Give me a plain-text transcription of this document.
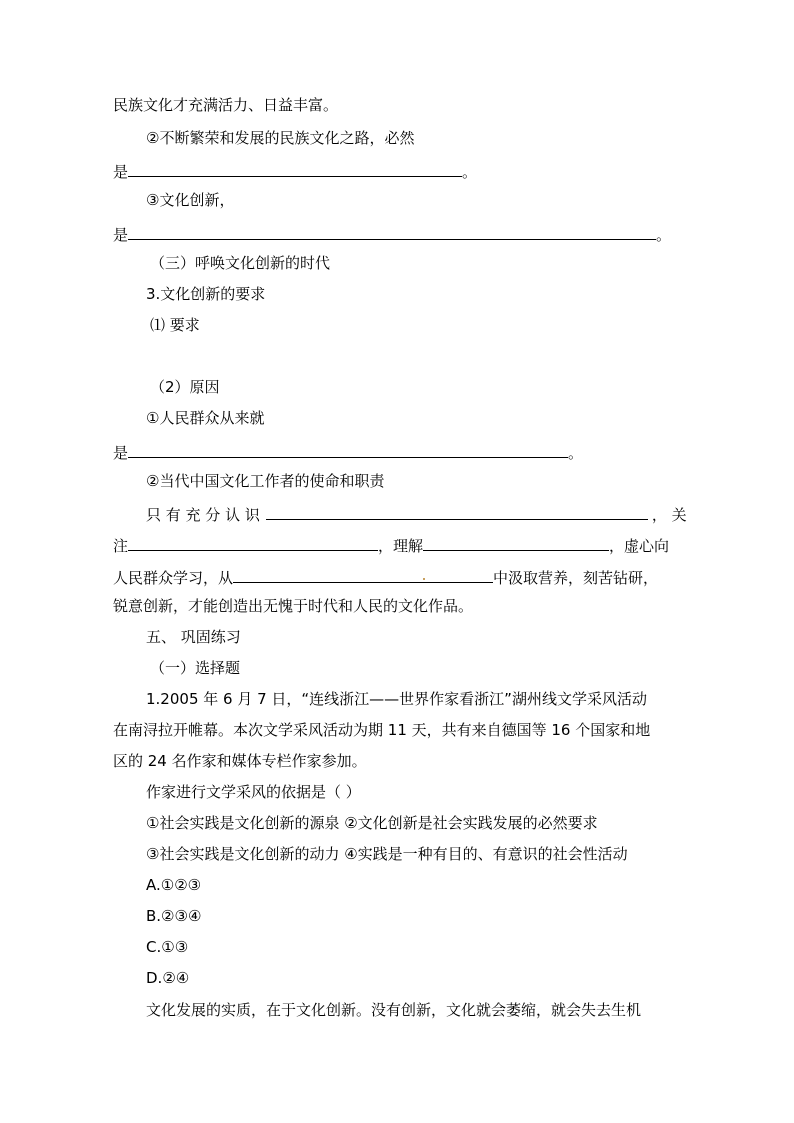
民族文化才充满活力、日益丰富。
②不断繁荣和发展的民族文化之路，必然
是	。
③文化创新，
是	。
（三）呼唤文化创新的时代
3.文化创新的要求
⑴ 要求
（2）原因
①人民群众从来就
是	。
②当代中国文化工作者的使命和职责
只 有 充 分 认 识	， 关
注	，理解	，虚心向
人民群众学习，从	中汲取营养，刻苦钻研，
锐意创新，才能创造出无愧于时代和人民的文化作品。
五、 巩固练习
（一）选择题
1.2005 年 6 月 7 日，“连线浙江——世界作家看浙江”湖州线文学采风活动
在南浔拉开帷幕。本次文学采风活动为期 11 天，共有来自德国等 16 个国家和地
区的 24 名作家和媒体专栏作家参加。
作家进行文学采风的依据是（ ）
①社会实践是文化创新的源泉 ②文化创新是社会实践发展的必然要求
③社会实践是文化创新的动力 ④实践是一种有目的、有意识的社会性活动
A.①②③
B.②③④
C.①③
D.②④
文化发展的实质，在于文化创新。没有创新，文化就会萎缩，就会失去生机
